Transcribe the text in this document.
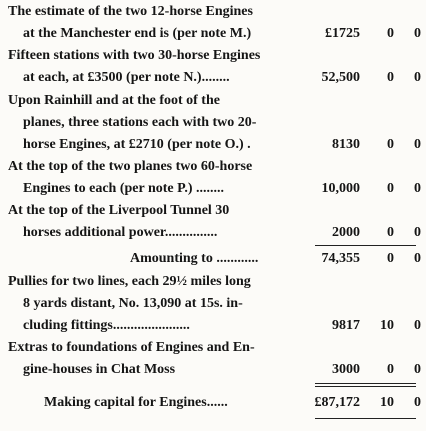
The estimate of the two 12-horse Engines
at the Manchester end is (per note M.)	£1725 0 0
Fifteen stations with two 30-horse Engines
at each, at £3500 (per note N.)........	52,500 0 0
Upon Rainhill and at the foot of the
planes, three stations each with two 20-
horse Engines, at £2710 (per note O.) .	8130 0 0
At the top of the two planes two 60-horse
Engines to each (per note P.) ........	10,000 0 0
At the top of the Liverpool Tunnel 30
horses additional power...............	2000 0 0
Amounting to ............	74,355 0 0
Pullies for two lines, each 29½ miles long
8 yards distant, No. 13,090 at 15s. in-
cluding fittings......................	9817 10 0
Extras to foundations of Engines and En-
gine-houses in Chat Moss	3000 0 0
Making capital for Engines......	£87,172 10 0
